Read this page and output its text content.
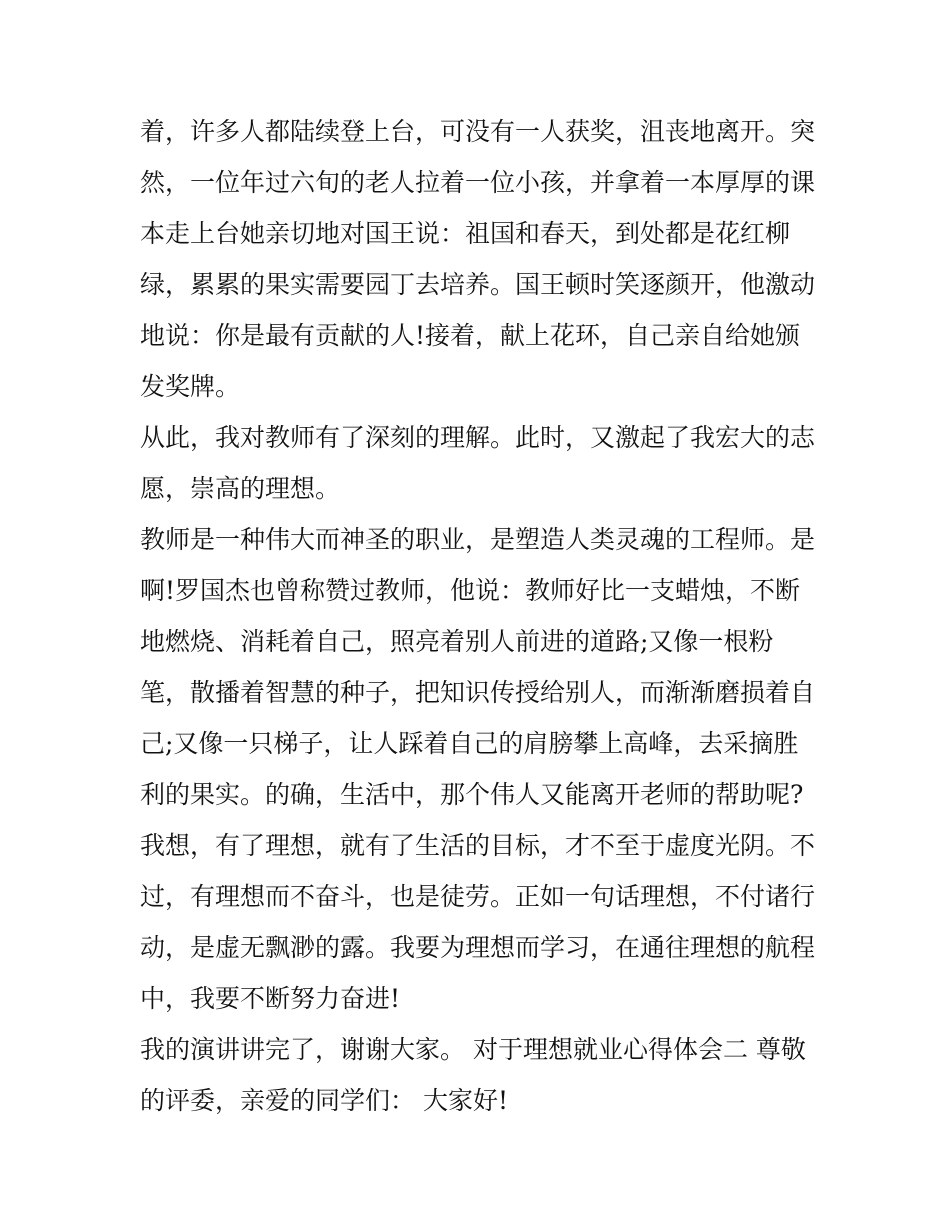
着，许多人都陆续登上台，可没有一人获奖，沮丧地离开。突
然，一位年过六旬的老人拉着一位小孩，并拿着一本厚厚的课
本走上台她亲切地对国王说：祖国和春天，到处都是花红柳
绿，累累的果实需要园丁去培养。国王顿时笑逐颜开，他激动
地说：你是最有贡献的人!接着，献上花环，自己亲自给她颁
发奖牌。
从此，我对教师有了深刻的理解。此时，又激起了我宏大的志
愿，崇高的理想。
教师是一种伟大而神圣的职业，是塑造人类灵魂的工程师。是
啊!罗国杰也曾称赞过教师，他说：教师好比一支蜡烛，不断
地燃烧、消耗着自己，照亮着别人前进的道路;又像一根粉
笔，散播着智慧的种子，把知识传授给别人，而渐渐磨损着自
己;又像一只梯子，让人踩着自己的肩膀攀上高峰，去采摘胜
利的果实。的确，生活中，那个伟人又能离开老师的帮助呢?
我想，有了理想，就有了生活的目标，才不至于虚度光阴。不
过，有理想而不奋斗，也是徒劳。正如一句话理想，不付诸行
动，是虚无飘渺的露。我要为理想而学习，在通往理想的航程
中，我要不断努力奋进!
我的演讲讲完了，谢谢大家。 对于理想就业心得体会二 尊敬
的评委，亲爱的同学们： 大家好!
